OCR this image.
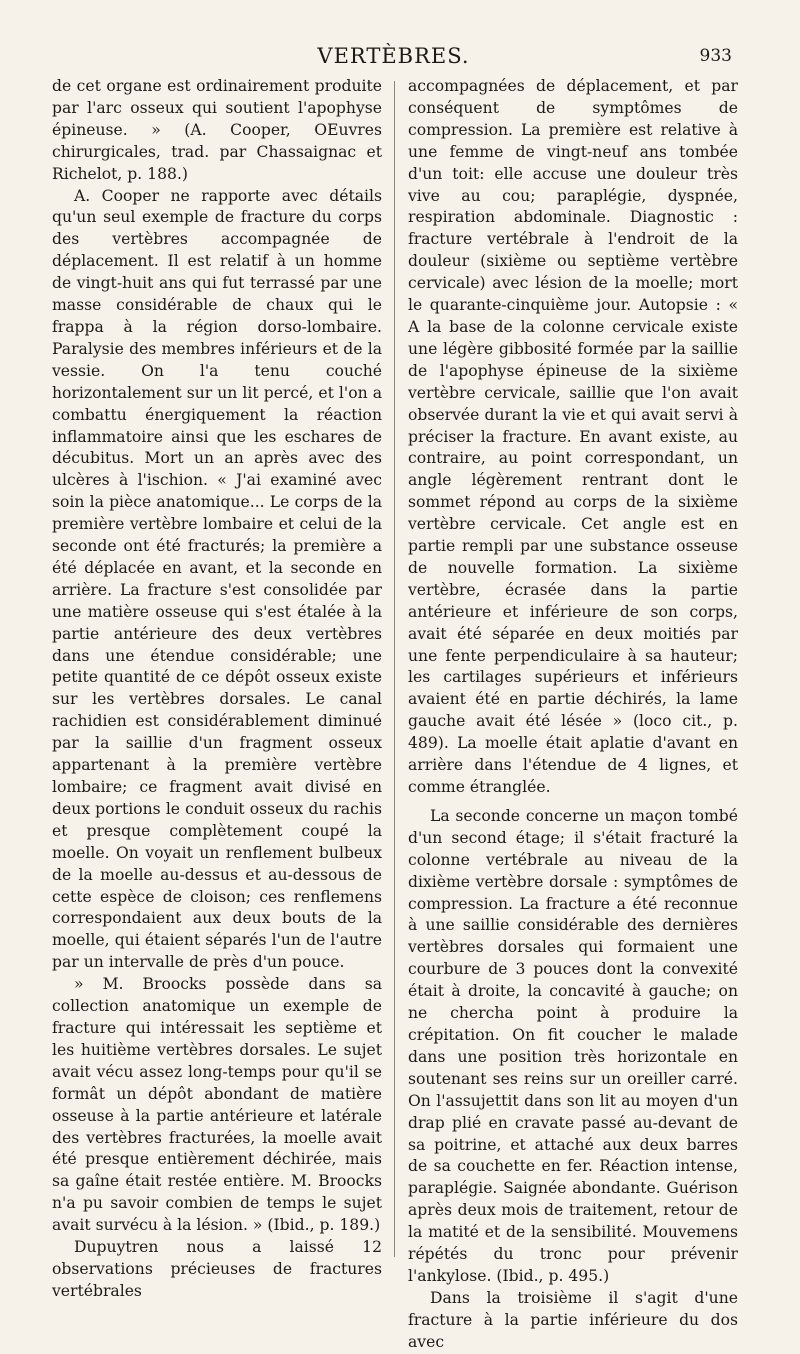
VERTÈBRES.	933

de cet organe est ordinairement produite par l'arc osseux qui soutient l'apophyse épineuse. » (A. Cooper, OEuvres chirurgicales, trad. par Chassaignac et Richelot, p. 188.)

A. Cooper ne rapporte avec détails qu'un seul exemple de fracture du corps des vertèbres accompagnée de déplacement. Il est relatif à un homme de vingt-huit ans qui fut terrassé par une masse considérable de chaux qui le frappa à la région dorso-lombaire. Paralysie des membres inférieurs et de la vessie. On l'a tenu couché horizontalement sur un lit percé, et l'on a combattu énergiquement la réaction inflammatoire ainsi que les eschares de décubitus. Mort un an après avec des ulcères à l'ischion. « J'ai examiné avec soin la pièce anatomique... Le corps de la première vertèbre lombaire et celui de la seconde ont été fracturés; la première a été déplacée en avant, et la seconde en arrière. La fracture s'est consolidée par une matière osseuse qui s'est étalée à la partie antérieure des deux vertèbres dans une étendue considérable; une petite quantité de ce dépôt osseux existe sur les vertèbres dorsales. Le canal rachidien est considérablement diminué par la saillie d'un fragment osseux appartenant à la première vertèbre lombaire; ce fragment avait divisé en deux portions le conduit osseux du rachis et presque complètement coupé la moelle. On voyait un renflement bulbeux de la moelle au-dessus et au-dessous de cette espèce de cloison; ces renflemens correspondaient aux deux bouts de la moelle, qui étaient séparés l'un de l'autre par un intervalle de près d'un pouce.

» M. Broocks possède dans sa collection anatomique un exemple de fracture qui intéressait les septième et les huitième vertèbres dorsales. Le sujet avait vécu assez long-temps pour qu'il se formât un dépôt abondant de matière osseuse à la partie antérieure et latérale des vertèbres fracturées, la moelle avait été presque entièrement déchirée, mais sa gaîne était restée entière. M. Broocks n'a pu savoir combien de temps le sujet avait survécu à la lésion. » (Ibid., p. 189.)

Dupuytren nous a laissé 12 observations précieuses de fractures vertébrales

accompagnées de déplacement, et par conséquent de symptômes de compression. La première est relative à une femme de vingt-neuf ans tombée d'un toit: elle accuse une douleur très vive au cou; paraplégie, dyspnée, respiration abdominale. Diagnostic : fracture vertébrale à l'endroit de la douleur (sixième ou septième vertèbre cervicale) avec lésion de la moelle; mort le quarante-cinquième jour. Autopsie : « A la base de la colonne cervicale existe une légère gibbosité formée par la saillie de l'apophyse épineuse de la sixième vertèbre cervicale, saillie que l'on avait observée durant la vie et qui avait servi à préciser la fracture. En avant existe, au contraire, au point correspondant, un angle légèrement rentrant dont le sommet répond au corps de la sixième vertèbre cervicale. Cet angle est en partie rempli par une substance osseuse de nouvelle formation. La sixième vertèbre, écrasée dans la partie antérieure et inférieure de son corps, avait été séparée en deux moitiés par une fente perpendiculaire à sa hauteur; les cartilages supérieurs et inférieurs avaient été en partie déchirés, la lame gauche avait été lésée » (loco cit., p. 489). La moelle était aplatie d'avant en arrière dans l'étendue de 4 lignes, et comme étranglée.

La seconde concerne un maçon tombé d'un second étage; il s'était fracturé la colonne vertébrale au niveau de la dixième vertèbre dorsale : symptômes de compression. La fracture a été reconnue à une saillie considérable des dernières vertèbres dorsales qui formaient une courbure de 3 pouces dont la convexité était à droite, la concavité à gauche; on ne chercha point à produire la crépitation. On fit coucher le malade dans une position très horizontale en soutenant ses reins sur un oreiller carré. On l'assujettit dans son lit au moyen d'un drap plié en cravate passé au-devant de sa poitrine, et attaché aux deux barres de sa couchette en fer. Réaction intense, paraplégie. Saignée abondante. Guérison après deux mois de traitement, retour de la matité et de la sensibilité. Mouvemens répétés du tronc pour prévenir l'ankylose. (Ibid., p. 495.)

Dans la troisième il s'agit d'une fracture à la partie inférieure du dos avec
